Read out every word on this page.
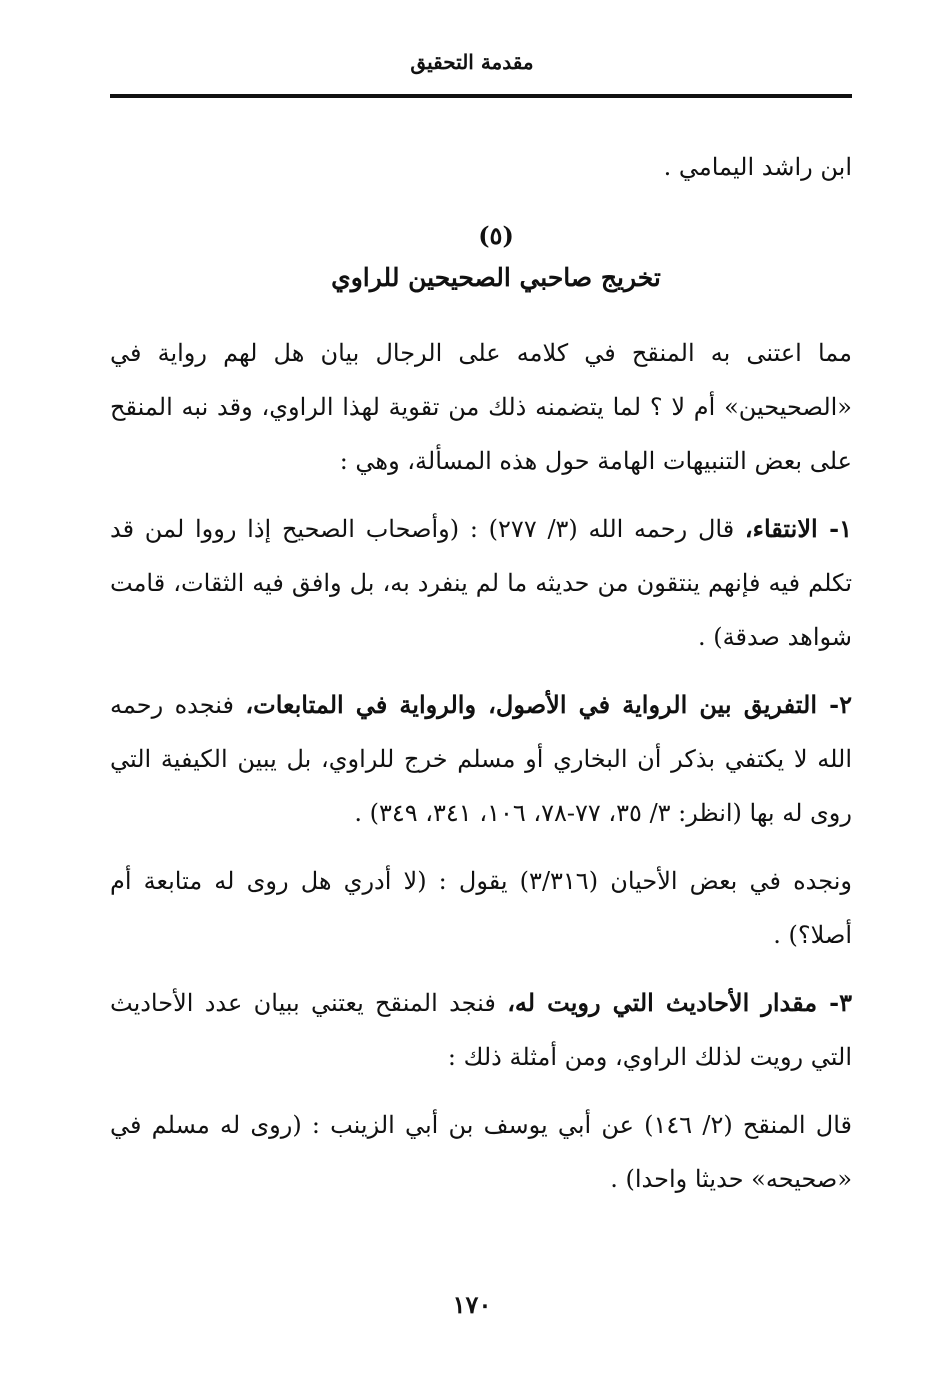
مقدمة التحقيق

ابن راشد اليمامي .

(٥)
تخريج صاحبي الصحيحين للراوي

مما اعتنى به المنقح في كلامه على الرجال بيان هل لهم رواية في «الصحيحين» أم لا ؟ لما يتضمنه ذلك من تقوية لهذا الراوي، وقد نبه المنقح على بعض التنبيهات الهامة حول هذه المسألة، وهي :

١- الانتقاء، قال رحمه الله (٣/ ٢٧٧) : (وأصحاب الصحيح إذا رووا لمن قد تكلم فيه فإنهم ينتقون من حديثه ما لم ينفرد به، بل وافق فيه الثقات، قامت شواهد صدقة) .

٢- التفريق بين الرواية في الأصول، والرواية في المتابعات، فنجده رحمه الله لا يكتفي بذكر أن البخاري أو مسلم خرج للراوي، بل يبين الكيفية التي روى له بها (انظر: ٣/ ٣٥، ٧٧-٧٨، ١٠٦، ٣٤١، ٣٤٩) .

ونجده في بعض الأحيان (٣/٣١٦) يقول : (لا أدري هل روى له متابعة أم أصلا؟) .

٣- مقدار الأحاديث التي رويت له، فنجد المنقح يعتني ببيان عدد الأحاديث التي رويت لذلك الراوي، ومن أمثلة ذلك :

قال المنقح (٢/ ١٤٦) عن أبي يوسف بن أبي الزينب : (روى له مسلم في «صحيحه» حديثا واحدا) .

١٧٠
